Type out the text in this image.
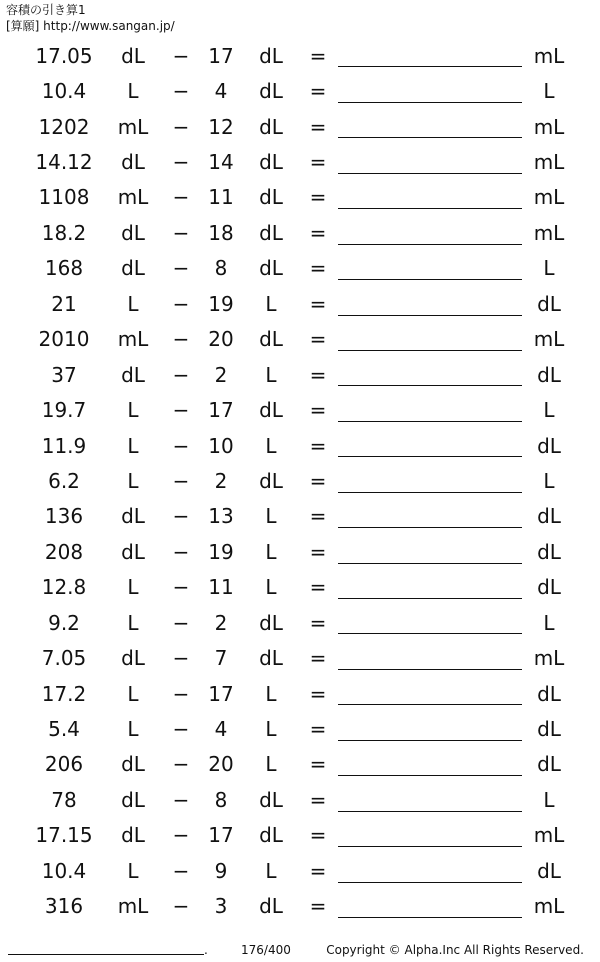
容積の引き算1
[算願] http://www.sangan.jp/
17.05 dL − 17 dL =	mL
10.4 L − 4 dL =	L
1202 mL − 12 dL =	mL
14.12 dL − 14 dL =	mL
1108 mL − 11 dL =	mL
18.2 dL − 18 dL =	mL
168 dL − 8 dL =	L
21	L − 19 L =	dL
2010 mL − 20 dL =	mL
37 dL − 2 L =	dL
19.7 L − 17 dL =	L
11.9 L − 10 L =	dL
6.2 L − 2 dL =	L
136 dL − 13 L =	dL
208 dL − 19 L =	dL
12.8 L − 11 L =	dL
9.2 L − 2 dL =	L
7.05 dL − 7 dL =	mL
17.2 L − 17 L =	dL
5.4 L − 4 L =	dL
206 dL − 20 L =	dL
78 dL − 8 dL =	L
17.15 dL − 17 dL =	mL
10.4 L − 9 L =	dL
316 mL − 3 dL =	mL
.	176/400	Copyright © Alpha.Inc All Rights Reserved.
